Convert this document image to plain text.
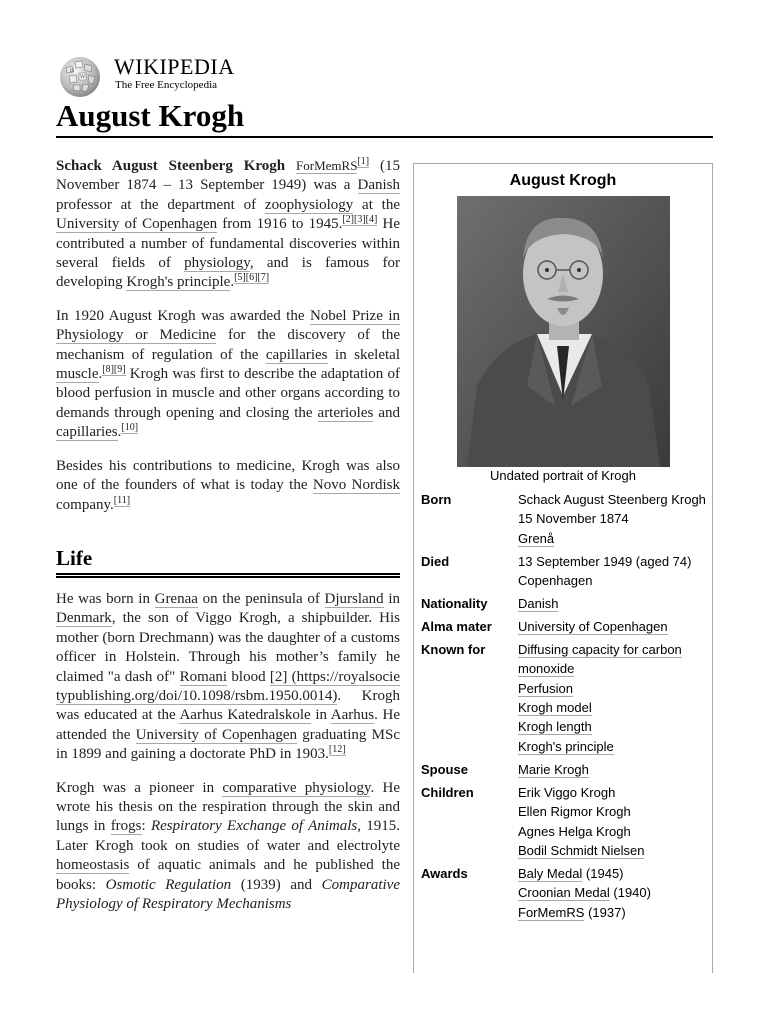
Ω
W WIKIPEDIA
The Free Encyclopedia
August Krogh

Schack August Steenberg Krogh ForMemRS[1] (15 November 1874 – 13 September 1949) was a Danish professor at the department of zoophysiology at the University of Copenhagen from 1916 to 1945.[2][3][4] He contributed a number of fundamental discoveries within several fields of physiology, and is famous for developing Krogh's principle.[5][6][7]

In 1920 August Krogh was awarded the Nobel Prize in Physiology or Medicine for the discovery of the mechanism of regulation of the capillaries in skeletal muscle.[8][9] Krogh was first to describe the adaptation of blood perfusion in muscle and other organs according to demands through opening and closing the arterioles and capillaries.[10]

Besides his contributions to medicine, Krogh was also one of the founders of what is today the Novo Nordisk company.[11]

Life

He was born in Grenaa on the peninsula of Djursland in Denmark, the son of Viggo Krogh, a shipbuilder. His mother (born Drechmann) was the daughter of a customs officer in Holstein. Through his mother’s family he claimed "a dash of" Romani blood [2] (https://royalsocietypublishing.org/doi/10.1098/rsbm.1950.0014). Krogh was educated at the Aarhus Katedralskole in Aarhus. He attended the University of Copenhagen graduating MSc in 1899 and gaining a doctorate PhD in 1903.[12]

Krogh was a pioneer in comparative physiology. He wrote his thesis on the respiration through the skin and lungs in frogs: Respiratory Exchange of Animals, 1915. Later Krogh took on studies of water and electrolyte homeostasis of aquatic animals and he published the books: Osmotic Regulation (1939) and Comparative Physiology of Respiratory Mechanisms

August Krogh
Undated portrait of Krogh
Born	Schack August Steenberg Krogh
15 November 1874
Grenå
Died	13 September 1949 (aged 74)
Copenhagen
Nationality	Danish
Alma mater	University of Copenhagen
Known for	Diffusing capacity for carbon monoxide
Perfusion
Krogh model
Krogh length
Krogh's principle
Spouse	Marie Krogh
Children	Erik Viggo Krogh
Ellen Rigmor Krogh
Agnes Helga Krogh
Bodil Schmidt Nielsen
Awards	Baly Medal (1945)
Croonian Medal (1940)
ForMemRS (1937)
